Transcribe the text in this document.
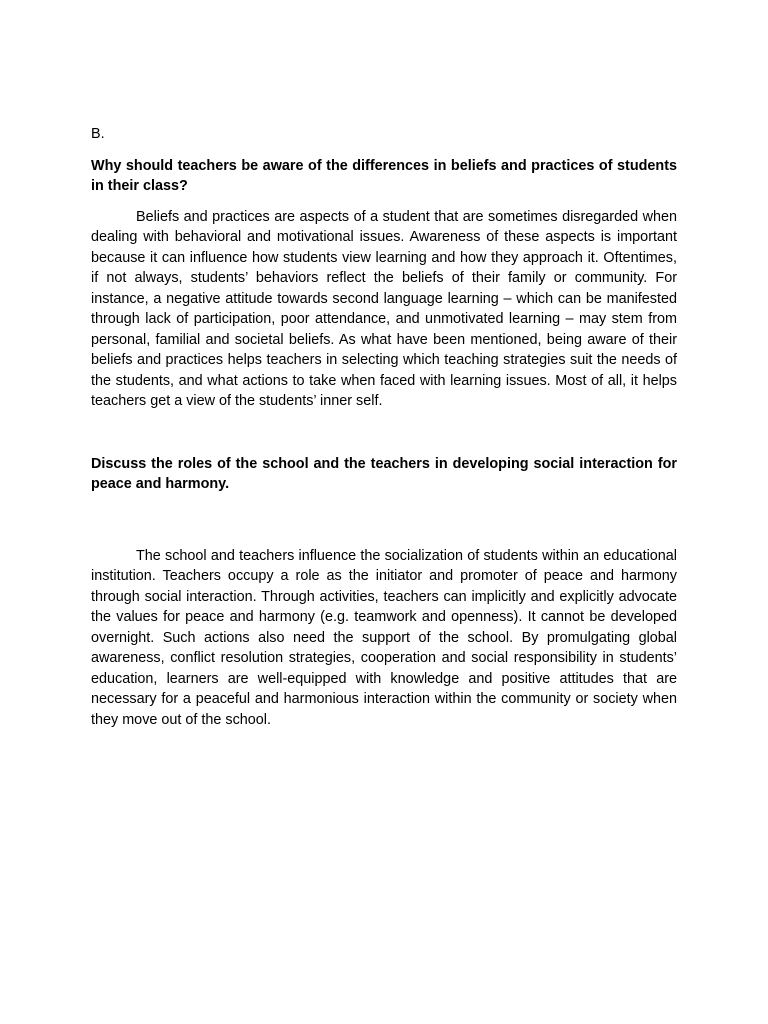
B.

Why should teachers be aware of the differences in beliefs and practices of students in their class?

Beliefs and practices are aspects of a student that are sometimes disregarded when dealing with behavioral and motivational issues. Awareness of these aspects is important because it can influence how students view learning and how they approach it. Oftentimes, if not always, students’ behaviors reflect the beliefs of their family or community. For instance, a negative attitude towards second language learning – which can be manifested through lack of participation, poor attendance, and unmotivated learning – may stem from personal, familial and societal beliefs. As what have been mentioned, being aware of their beliefs and practices helps teachers in selecting which teaching strategies suit the needs of the students, and what actions to take when faced with learning issues. Most of all, it helps teachers get a view of the students’ inner self.

Discuss the roles of the school and the teachers in developing social interaction for peace and harmony.

The school and teachers influence the socialization of students within an educational institution. Teachers occupy a role as the initiator and promoter of peace and harmony through social interaction. Through activities, teachers can implicitly and explicitly advocate the values for peace and harmony (e.g. teamwork and openness). It cannot be developed overnight. Such actions also need the support of the school. By promulgating global awareness, conflict resolution strategies, cooperation and social responsibility in students’ education, learners are well-equipped with knowledge and positive attitudes that are necessary for a peaceful and harmonious interaction within the community or society when they move out of the school.
